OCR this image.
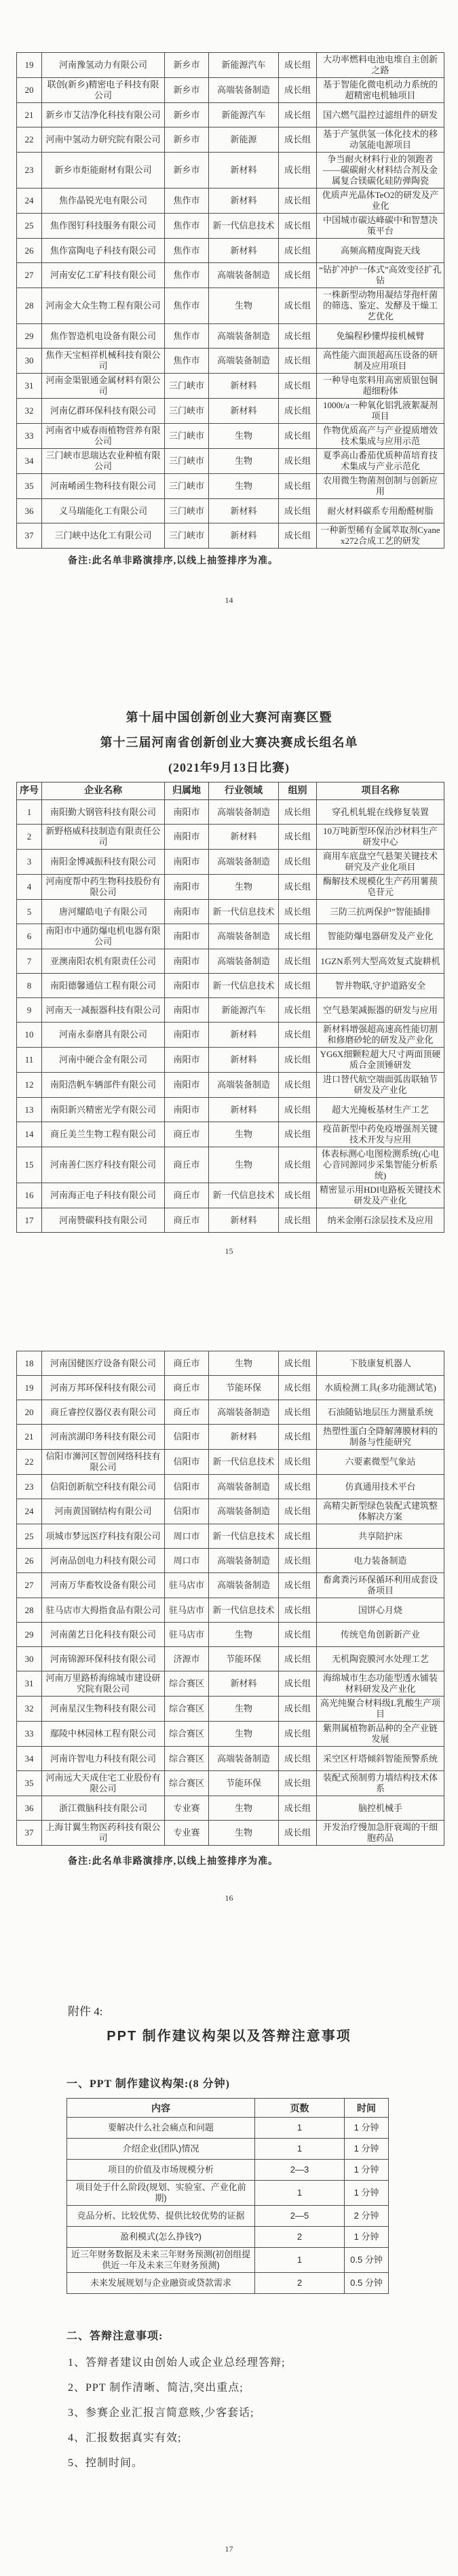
19	河南豫氢动力有限公司	新乡市	新能源汽车	成长组	大功率燃料电池电堆自主创新之路
20	联创(新乡)精密电子科技有限公司	新乡市	高端装备制造	成长组	基于智能化微电机动力系统的超精密电机轴项目
21	新乡市艾洁净化科技有限公司	新乡市	新能源汽车	成长组	国六燃气温控过滤组件的研发
22	河南中氢动力研究院有限公司	新乡市	新能源	成长组	基于产氢供氢一体化技术的移动氢能电源项目
23	新乡市炬能耐材有限公司	新乡市	新材料	成长组	争当耐火材料行业的领跑者——碳碳耐火材料结合剂及金属复合镁碳化硅防弹陶瓷
24	焦作晶锐光电有限公司	焦作市	新材料	成长组	优质声光晶体TeO2的研发及产业化
25	焦作图钉科技服务有限公司	焦作市	新一代信息技术	成长组	中国城市碳达峰碳中和智慧决策平台
26	焦作富陶电子科技有限公司	焦作市	新材料	成长组	高频高精度陶瓷天线
27	河南安亿工矿科技有限公司	焦作市	高端装备制造	成长组	“钻扩冲护一体式”高效变径扩孔钻
28	河南金大众生物工程有限公司	焦作市	生物	成长组	一株新型动物用凝结芽孢杆菌的筛选、鉴定、发酵及干燥工艺优化
29	焦作智造机电设备有限公司	焦作市	高端装备制造	成长组	免编程秒懂焊接机械臂
30	焦作天宝桓祥机械科技有限公司	焦作市	高端装备制造	成长组	高性能六面顶超高压设备的研制及应用项目
31	河南金渠银通金属材料有限公司	三门峡市	新材料	成长组	一种导电浆料用高密质银包铜超细粉体
32	河南亿群环保科技有限公司	三门峡市	新材料	成长组	1000t/a一种氧化铝乳液絮凝剂项目
33	河南省中威春雨植物营养有限公司	三门峡市	生物	成长组	作物优质高产与产业提质增效技术集成与应用示范
34	三门峡市思瑞达农业种植有限公司	三门峡市	生物	成长组	夏季高山番茄优质种苗培育技术集成与产业示范化
35	河南崤函生物科技有限公司	三门峡市	生物	成长组	农用微生物菌剂创制与创新应用
36	义马瑞能化工有限公司	三门峡市	新材料	成长组	耐火材料碳系专用酚醛树脂
37	三门峡中达化工有限公司	三门峡市	新材料	成长组	一种新型稀有金属萃取剂Cyanex272合成工艺的研发
备注:此名单非路演排序,以线上抽签排序为准。
14
第十届中国创新创业大赛河南赛区暨
第十三届河南省创新创业大赛决赛成长组名单
(2021年9月13日比赛)
序号	企业名称	归属地	行业领域	组别	项目名称
1	南阳勤大钢管科技有限公司	南阳市	高端装备制造	成长组	穿孔机轧辊在线修复装置
2	新野格威科技制造有限责任公司	南阳市	新材料	成长组	10万吨新型环保治沙材料生产研发中心
3	南阳金博减振科技有限公司	南阳市	高端装备制造	成长组	商用车底盘空气悬架关键技术研究及产业化项目
4	河南度帮中药生物科技股份有限公司	南阳市	生物	成长组	酶解技术规模化生产药用薯蓣皂苷元
5	唐河耀皓电子有限公司	南阳市	新一代信息技术	成长组	三防三抗两保护”智能插排
6	南阳市中通防爆电机电器有限公司	南阳市	高端装备制造	成长组	智能防爆电器研发及产业化
7	亚澳南阳农机有限责任公司	南阳市	高端装备制造	成长组	1GZN系列大型高效复式旋耕机
8	南阳德馨通信工程有限公司	南阳市	新一代信息技术	成长组	智井物联,守护道路安全
9	河南天一减振器科技有限公司	南阳市	新能源汽车	成长组	空气悬架减振器的研发与应用
10	河南永泰磨具有限公司	南阳市	新材料	成长组	新材料增强超高速高性能切割和修磨砂轮的研发及产业化
11	河南中硬合金有限公司	南阳市	新材料	成长组	YG6X细颗粒超大尺寸两面顶硬质合金顶锤研发
12	南阳浩帆车辆部件有限公司	南阳市	高端装备制造	成长组	进口替代航空端面弧齿联轴节研发及产业化
13	南阳新兴精密光学有限公司	南阳市	新材料	成长组	超大光掩板基材生产工艺
14	商丘美兰生物工程有限公司	商丘市	生物	成长组	疫苗新型中药免疫增强剂关键技术开发与应用
15	河南善仁医疗科技有限公司	商丘市	生物	成长组	体表标测心电图检测系统(心电心音同源同步采集智能分析系统)
16	河南海正电子科技有限公司	商丘市	新一代信息技术	成长组	精密显示用HDI电路板关键技术研发及产业化
17	河南赞碳科技有限公司	商丘市	新材料	成长组	纳米金刚石涂层技术及应用
15
18	河南国健医疗设备有限公司	商丘市	生物	成长组	下肢康复机器人
19	河南万邦环保科技有限公司	商丘市	节能环保	成长组	水质检测工具(多功能测试笔)
20	商丘睿控仪器仪表有限公司	商丘市	高端装备制造	成长组	石油随钻地层压力测量系统
21	河南滨湖印务科技有限公司	信阳市	新材料	成长组	热塑性蛋白全降解薄膜材料的制备与性能研究
22	信阳市浉河区智创网络科技有限公司	信阳市	新一代信息技术	成长组	六要素微型气象站
23	信阳创新航空科技有限公司	信阳市	高端装备制造	成长组	仿真通用技术平台
24	河南黄国钢结构有限公司	信阳市	高端装备制造	成长组	高精尖新型绿色装配式建筑整体解决方案
25	项城市梦远医疗科技有限公司	周口市	新一代信息技术	成长组	共享陪护床
26	河南品创电力科技有限公司	周口市	高端装备制造	成长组	电力装备制造
27	河南万华畜牧设备有限公司	驻马店市	高端装备制造	成长组	畜禽粪污环保循环利用成套设备项目
28	驻马店市大拇指食品有限公司	驻马店市	新一代信息技术	成长组	国饼心月烧
29	河南菌艺日化科技有限公司	驻马店市	生物	成长组	传统皂角创新新产业
30	河南锦源环保科技有限公司	济源市	节能环保	成长组	无机陶瓷膜河水处理工艺
31	河南万里路桥海绵城市建设研究院有限公司	综合赛区	新材料	成长组	海绵城市生态功能型透水铺装材料研发及产业化
32	河南星汉生物科技有限公司	综合赛区	生物	成长组	高光纯聚合材料级L乳酸生产项目
33	鄢陵中林园林工程有限公司	综合赛区	生物	成长组	紫荆属植物新品种的全产业链发展
34	河南许智电力科技有限公司	综合赛区	高端装备制造	成长组	采空区杆塔倾斜智能预警系统
35	河南远大天成住宅工业股份有限公司	综合赛区	节能环保	成长组	装配式预制剪力墙结构技术体系
36	浙江微脑科技有限公司	专业赛	生物	成长组	脑控机械手
37	上海甘翼生物医药科技有限公司	专业赛	生物	成长组	开发治疗慢加急肝衰竭的干细胞药品
备注:此名单非路演排序,以线上抽签排序为准。
16
附件 4:
PPT 制作建议构架以及答辩注意事项
一、PPT 制作建议构架:(8 分钟)
内容	页数	时间
要解决什么社会痛点和问题	1	1 分钟
介绍企业(团队)情况	1	1 分钟
项目的价值及市场规模分析	2—3	1 分钟
项目处于什么阶段(规划、实验室、产业化前期)	1	1 分钟
竞品分析、比较优势、提供比较优势的证据	2—5	2 分钟
盈利模式(怎么挣钱?)	2	1 分钟
近三年财务数据及未来三年财务预测(初创组提供近一年及未来三年财务预测)	1	0.5 分钟
未来发展规划与企业融资或贷款需求	2	0.5 分钟
二、答辩注意事项:
1、答辩者建议由创始人或企业总经理答辩;
2、PPT 制作清晰、简洁,突出重点;
3、参赛企业汇报言简意赅,少客套话;
4、汇报数据真实有效;
5、控制时间。
17
